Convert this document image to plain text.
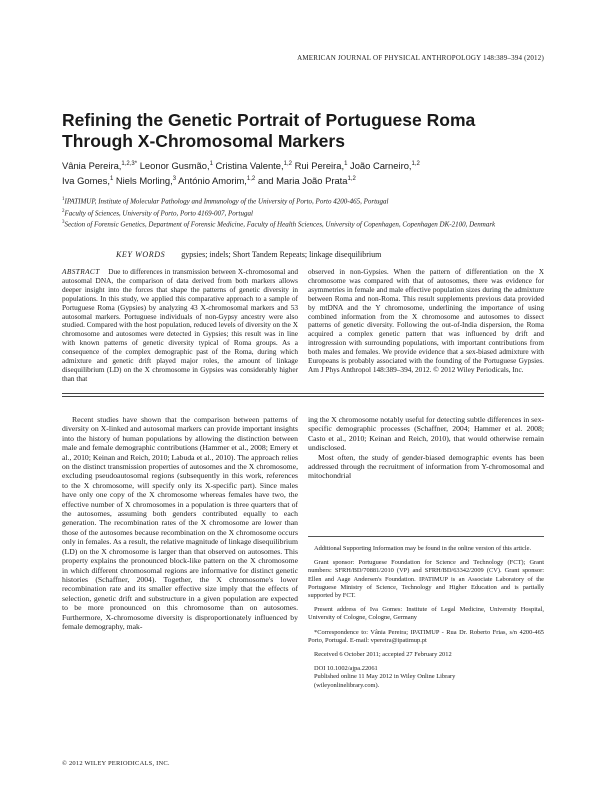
AMERICAN JOURNAL OF PHYSICAL ANTHROPOLOGY 148:389–394 (2012)
Refining the Genetic Portrait of Portuguese Roma
Through X-Chromosomal Markers
Vânia Pereira,$^{1,2,3*}$ Leonor Gusmão,$^1$ Cristina Valente,$^{1,2}$ Rui Pereira,$^1$ João Carneiro,$^{1,2}$
Iva Gomes,$^1$ Niels Morling,$^3$ António Amorim,$^{1,2}$ and Maria João Prata$^{1,2}$
$^1$IPATIMUP, Institute of Molecular Pathology and Immunology of the University of Porto, Porto 4200-465, Portugal
$^2$Faculty of Sciences, University of Porto, Porto 4169-007, Portugal
$^3$Section of Forensic Genetics, Department of Forensic Medicine, Faculty of Health Sciences, University of Copenhagen, Copenhagen DK-2100, Denmark
KEY WORDS gypsies; indels; Short Tandem Repeats; linkage disequilibrium
ABSTRACT Due to differences in transmission between X-chromosomal and autosomal DNA, the comparison of data derived from both markers allows deeper insight into the forces that shape the patterns of genetic diversity in populations. In this study, we applied this comparative approach to a sample of Portuguese Roma (Gypsies) by analyzing 43 X-chromosomal markers and 53 autosomal markers. Portuguese individuals of non-Gypsy ancestry were also studied. Compared with the host population, reduced levels of diversity on the X chromosome and autosomes were detected in Gypsies; this result was in line with known patterns of genetic diversity typical of Roma groups. As a consequence of the complex demographic past of the Roma, during which admixture and genetic drift played major roles, the amount of linkage disequilibrium (LD) on the X chromosome in Gypsies was considerably higher than that
observed in non-Gypsies. When the pattern of differentiation on the X chromosome was compared with that of autosomes, there was evidence for asymmetries in female and male effective population sizes during the admixture between Roma and non-Roma. This result supplements previous data provided by mtDNA and the Y chromosome, underlining the importance of using combined information from the X chromosome and autosomes to dissect patterns of genetic diversity. Following the out-of-India dispersion, the Roma acquired a complex genetic pattern that was influenced by drift and introgression with surrounding populations, with important contributions from both males and females. We provide evidence that a sex-biased admixture with Europeans is probably associated with the founding of the Portuguese Gypsies. Am J Phys Anthropol 148:389–394, 2012. © 2012 Wiley Periodicals, Inc.

Recent studies have shown that the comparison between patterns of diversity on X-linked and autosomal markers can provide important insights into the history of human populations by allowing the distinction between male and female demographic contributions (Hammer et al., 2008; Emery et al., 2010; Keinan and Reich, 2010; Labuda et al., 2010). The approach relies on the distinct transmission properties of autosomes and the X chromosome, excluding pseudoautosomal regions (subsequently in this work, references to the X chromosome, will specify only its X-specific part). Since males have only one copy of the X chromosome whereas females have two, the effective number of X chromosomes in a population is three quarters that of the autosomes, assuming both genders contributed equally to each generation. The recombination rates of the X chromosome are lower than those of the autosomes because recombination on the X chromosome occurs only in females. As a result, the relative magnitude of linkage disequilibrium (LD) on the X chromosome is larger than that observed on autosomes. This property explains the pronounced block-like pattern on the X chromosome in which different chromosomal regions are informative for distinct genetic histories (Schaffner, 2004). Together, the X chromosome's lower recombination rate and its smaller effective size imply that the effects of selection, genetic drift and substructure in a given population are expected to be more pronounced on this chromosome than on autosomes. Furthermore, X-chromosome diversity is disproportionately influenced by female demography, mak-

ing the X chromosome notably useful for detecting subtle differences in sex-specific demographic processes (Schaffner, 2004; Hammer et al. 2008; Casto et al., 2010; Keinan and Reich, 2010), that would otherwise remain undisclosed.

Most often, the study of gender-biased demographic events has been addressed through the recruitment of information from Y-chromosomal and mitochondrial

Additional Supporting Information may be found in the online version of this article.

Grant sponsor: Portuguese Foundation for Science and Technology (FCT); Grant numbers: SFRH/BD/70881/2010 (VP) and SFRH/BD/63342/2009 (CV). Grant sponsor: Ellen and Aage Andersen's Foundation. IPATIMUP is an Associate Laboratory of the Portuguese Ministry of Science, Technology and Higher Education and is partially supported by FCT.

Present address of Iva Gomes: Institute of Legal Medicine, University Hospital, University of Cologne, Cologne, Germany

*Correspondence to: Vânia Pereira; IPATIMUP - Rua Dr. Roberto Frias, s/n 4200-465 Porto, Portugal. E-mail: vpereira@ipatimup.pt

Received 6 October 2011; accepted 27 February 2012

DOI 10.1002/ajpa.22061
Published online 11 May 2012 in Wiley Online Library
(wileyonlinelibrary.com).
© 2012 WILEY PERIODICALS, INC.
